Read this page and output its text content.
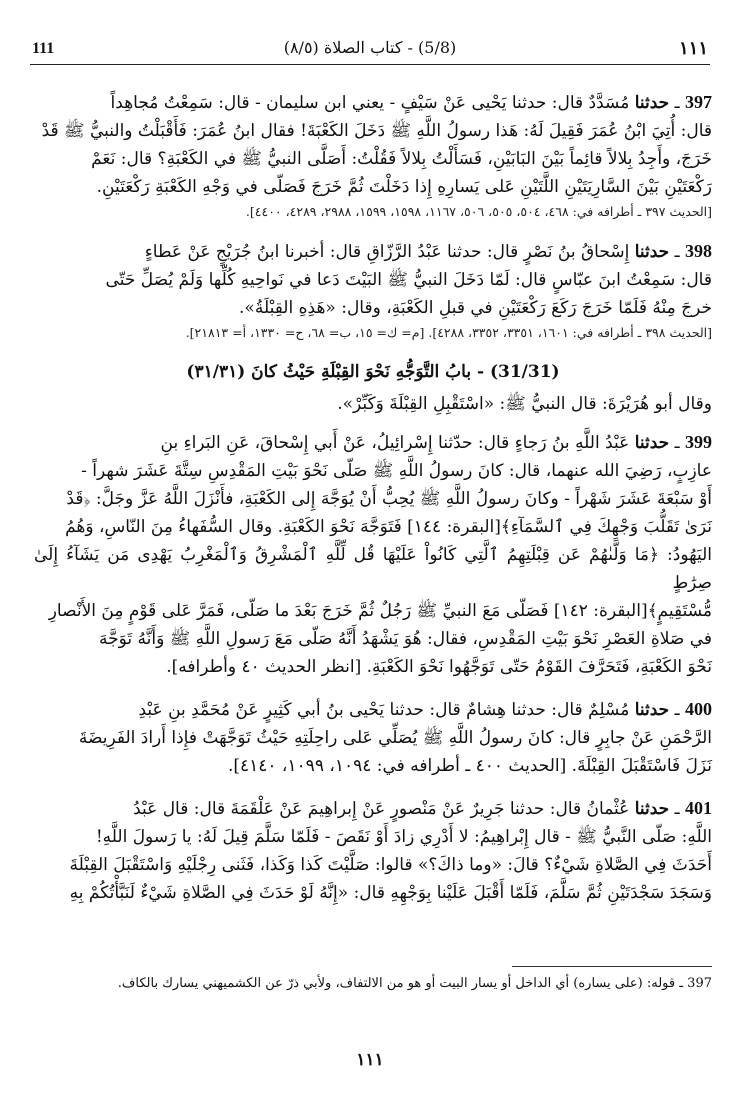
111	(5/8) - كتاب الصلاة (٨/٥)	١١١
397 ـ حدثنا مُسَدَّدٌ قال: حدثنا يَحْيى عَنْ سَيْفٍ - يعني ابن سليمان - قال: سَمِعْتُ مُجاهِداً
قال: أُتِيَ ابْنُ عُمَرَ فَقِيلَ لَهُ: هَذا رسولُ اللَّهِ ﷺ دَخَلَ الكَعْبَةَ! فقال ابنُ عُمَرَ: فَأَقْبَلْتُ والنبيُّ ﷺ قَدْ
خَرَجَ، وأَجِدُ بِلالاً قائِماً بَيْنَ البَابَيْنِ، فَسَأَلْتُ بِلالاً فَقُلْتُ: أَصَلَّى النبيُّ ﷺ في الكَعْبَةِ؟ قال: نَعَمْ
رَكْعَتَيْنِ بَيْنَ السَّارِيَتَيْنِ اللَّتَيْنِ عَلى يَسارِهِ إِذا دَخَلْتَ ثُمَّ خَرَجَ فَصَلّى في وَجْهِ الكَعْبَةِ رَكْعَتَيْنِ.
[الحديث ٣٩٧ ـ أطرافه في: ٤٦٨، ٥٠٤، ٥٠٥، ٥٠٦، ١١٦٧، ١٥٩٨، ١٥٩٩، ٢٩٨٨، ٤٢٨٩، ٤٤٠٠].
398 ـ حدثنا إِسْحاقُ بنُ نَصْرٍ قال: حدثنا عَبْدُ الرَّزّاقِ قال: أخبرنا ابنُ جُرَيْجٍ عَنْ عَطاءٍ
قال: سَمِعْتُ ابنَ عبّاسٍ قال: لَمّا دَخَلَ النبيُّ ﷺ البَيْتَ دَعا في نَواحِيهِ كُلِّها وَلَمْ يُصَلِّ حَتّى
خرجَ مِنْهُ فَلَمّا خَرَجَ رَكَعَ رَكْعَتَيْنِ في قبلِ الكَعْبَةِ، وقال: «هَذِهِ القِبْلَةُ».
[الحديث ٣٩٨ ـ أطرافه في: ١٦٠١، ٣٣٥١، ٣٣٥٢، ٤٢٨٨]. [م= ك= ١٥، ب= ٦٨، ح= ١٣٣٠، أ= ٢١٨١٣].
(31/31) - بابُ التَّوَجُّهِ نَحْوَ القِبْلَةِ حَيْثُ كانَ (٣١/٣١)
وقال أبو هُرَيْرَةَ: قال النبيُّ ﷺ: «اسْتَقْبِلِ القِبْلَةَ وَكَبِّرْ».
399 ـ حدثنا عَبْدُ اللَّهِ بنُ رَجاءٍ قال: حدّثنا إِسْرائِيلُ، عَنْ أَبي إِسْحاقَ، عَنِ البَراءِ بنِ
عازِبٍ، رَضِيَ الله عنهما، قال: كانَ رسولُ اللَّهِ ﷺ صَلّى نَحْوَ بَيْتِ المَقْدِسِ سِتَّةَ عَشَرَ شهراً -
أَوْ سَبْعَةَ عَشَرَ شَهْراً - وكانَ رسولُ اللَّهِ ﷺ يُحِبُّ أَنْ يُوَجَّهَ إِلى الكَعْبَةِ، فأَنْزَلَ اللَّهُ عَزَّ وجَلَّ: ﴿قَدْ
نَرَىٰ تَقَلُّبَ وَجْهِكَ فِي ٱلسَّمَآءِ﴾[البقرة: ١٤٤] فَتَوَجَّهَ نَحْوَ الكَعْبَةِ. وقال السُّفَهاءُ مِنَ النّاسِ، وَهُمُ
اليَهُودُ: ﴿مَا وَلَّىٰهُمْ عَن قِبْلَتِهِمُ ٱلَّتِي كَانُواْ عَلَيْهَا قُل لِّلَّهِ ٱلْمَشْرِقُ وَٱلْمَغْرِبُ يَهْدِى مَن يَشَآءُ إِلَىٰ صِرَٰطٍ
مُّسْتَقِيمٍ﴾[البقرة: ١٤٢] فَصَلّى مَعَ النبيِّ ﷺ رَجُلٌ ثُمَّ خَرَجَ بَعْدَ ما صَلّى، فَمَرَّ عَلى قَوْمٍ مِنَ الأَنْصارِ
في صَلاةِ العَصْرِ نَحْوَ بَيْتِ المَقْدِسِ، فقال: هُوَ يَشْهَدُ أَنَّهُ صَلّى مَعَ رَسولِ اللَّهِ ﷺ وَأَنَّهُ تَوَجَّهَ
نَحْوَ الكَعْبَةِ، فَتَحَرَّفَ القَوْمُ حَتّى تَوَجَّهُوا نَحْوَ الكَعْبَةِ. [انظر الحديث ٤٠ وأطرافه].
400 ـ حدثنا مُسْلِمٌ قال: حدثنا هِشامٌ قال: حدثنا يَحْيى بنُ أبي كَثِيرٍ عَنْ مُحَمَّدِ بنِ عَبْدِ
الرَّحْمَنِ عَنْ جابِرٍ قال: كانَ رسولُ اللَّهِ ﷺ يُصَلِّي عَلى راحِلَتِهِ حَيْثُ تَوَجَّهَتْ فإِذا أَرادَ الفَرِيضَةَ
نَزَلَ فَاسْتَقْبَلَ القِبْلَةَ. [الحديث ٤٠٠ ـ أطرافه في: ١٠٩٤، ١٠٩٩، ٤١٤٠].
401 ـ حدثنا عُثْمانُ قال: حدثنا جَرِيرٌ عَنْ مَنْصورٍ عَنْ إِبراهِيمَ عَنْ عَلْقَمَةَ قال: قال عَبْدُ
اللَّهِ: صَلّى النَّبيُّ ﷺ - قال إِبْراهِيمُ: لا أَدْرِي زادَ أَوْ نَقَصَ - فَلَمّا سَلَّمَ قِيلَ لَهُ: يا رَسولَ اللَّهِ!
أَحَدَثَ فِي الصَّلاةِ شَيْءٌ؟ قالَ: «وما ذاكَ؟» قالوا: صَلَّيْتَ كَذا وَكَذا، فَثَنى رِجْلَيْهِ وَاسْتَقْبَلَ القِبْلَةَ
وَسَجَدَ سَجْدَتَيْنِ ثُمَّ سَلَّمَ، فَلَمّا أَقْبَلَ عَلَيْنا بِوَجْهِهِ قال: «إِنَّهُ لَوْ حَدَثَ فِي الصَّلاةِ شَيْءٌ لَنَبَّأْتُكُمْ بِهِ
397 ـ قوله: (على يساره) أي الداخل أو يسار البيت أو هو من الالتفاف، ولأبي ذرّ عن الكشميهني يسارك بالكاف.
١١١
